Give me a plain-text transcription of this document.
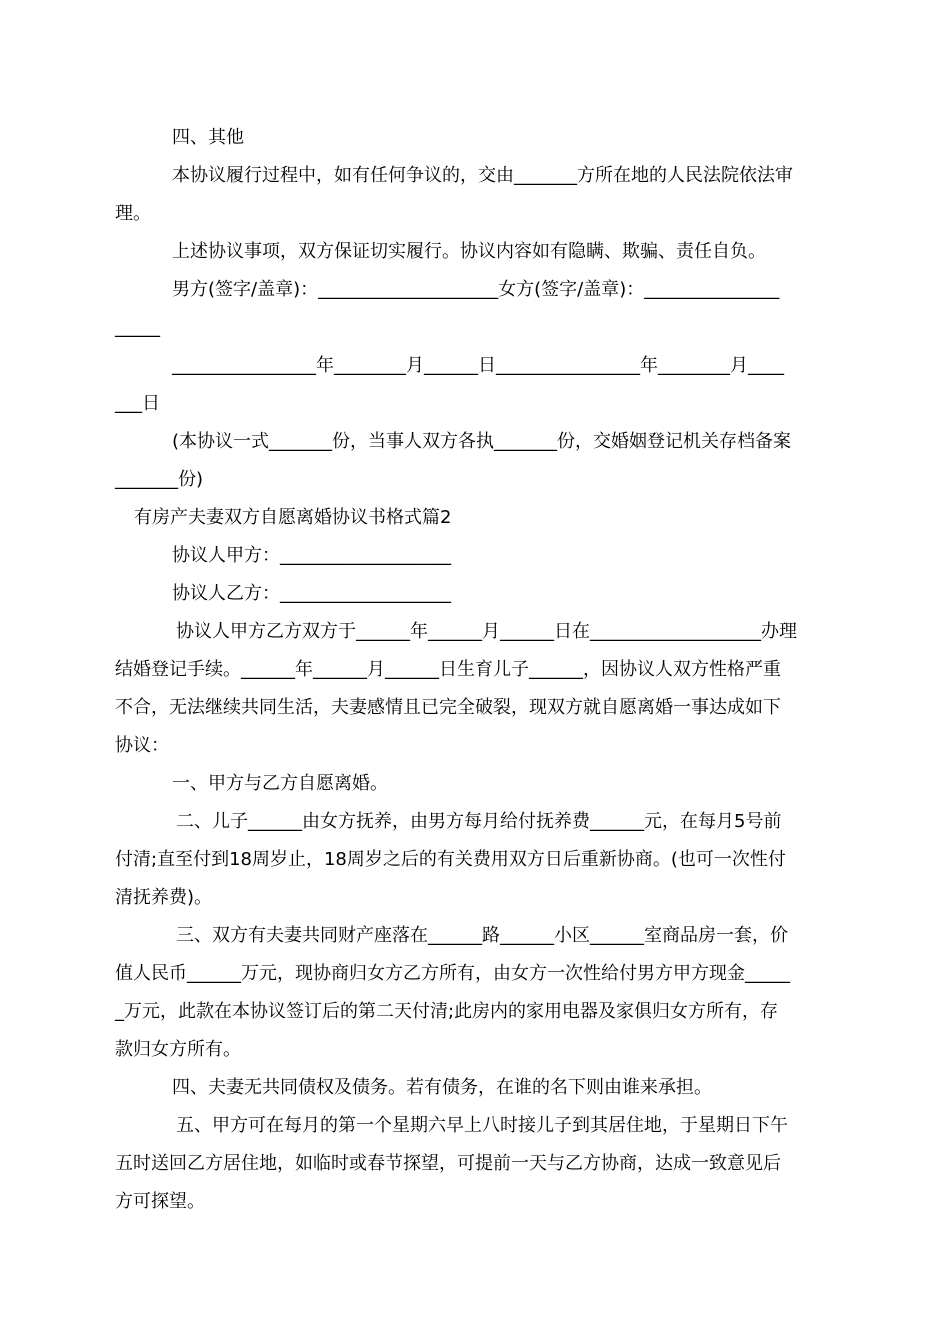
四、其他
本协议履行过程中，如有任何争议的，交由_______方所在地的人民法院依法审
理。
上述协议事项，双方保证切实履行。协议内容如有隐瞒、欺骗、责任自负。
男方(签字/盖章)：____________________女方(签字/盖章)：_______________
_____
________________年________月______日________________年________月____
___日
(本协议一式_______份，当事人双方各执_______份，交婚姻登记机关存档备案
_______份)
有房产夫妻双方自愿离婚协议书格式篇2
协议人甲方：___________________
协议人乙方：___________________
协议人甲方乙方双方于______年______月______日在___________________办理
结婚登记手续。______年______月______日生育儿子______，因协议人双方性格严重
不合，无法继续共同生活，夫妻感情且已完全破裂，现双方就自愿离婚一事达成如下
协议：
一、甲方与乙方自愿离婚。
二、儿子______由女方抚养，由男方每月给付抚养费______元，在每月5号前
付清;直至付到18周岁止，18周岁之后的有关费用双方日后重新协商。(也可一次性付
清抚养费)。
三、双方有夫妻共同财产座落在______路______小区______室商品房一套，价
值人民币______万元，现协商归女方乙方所有，由女方一次性给付男方甲方现金_____
_万元，此款在本协议签订后的第二天付清;此房内的家用电器及家俱归女方所有，存
款归女方所有。
四、夫妻无共同债权及债务。若有债务，在谁的名下则由谁来承担。
五、甲方可在每月的第一个星期六早上八时接儿子到其居住地，于星期日下午
五时送回乙方居住地，如临时或春节探望，可提前一天与乙方协商，达成一致意见后
方可探望。
